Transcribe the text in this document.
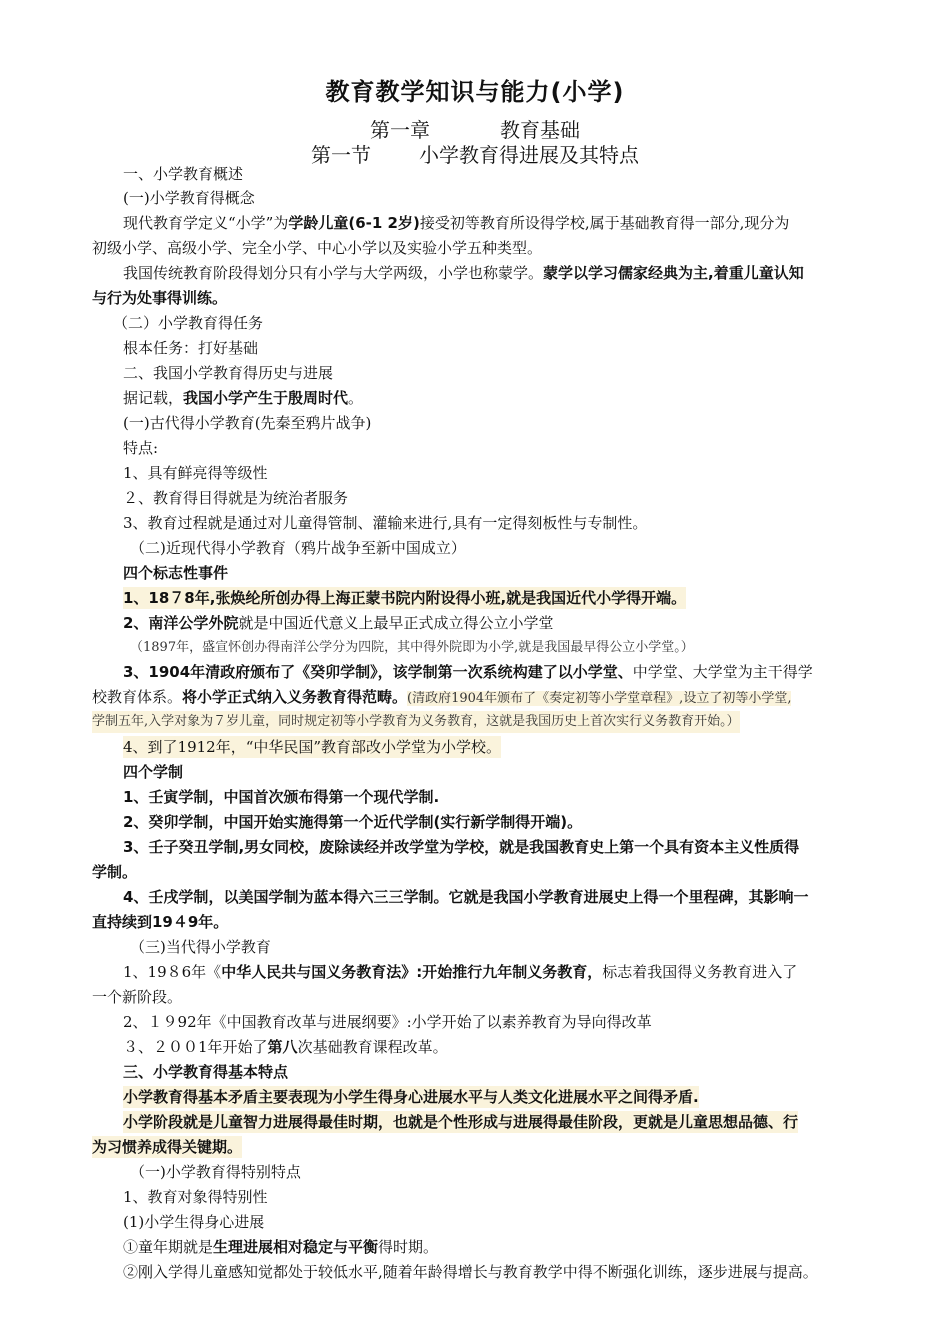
教育教学知识与能力(小学)
第一章	教育基础
第一节 小学教育得进展及其特点
一、小学教育概述
(一)小学教育得概念
现代教育学定义“小学”为学龄儿童(6-1 2岁)接受初等教育所设得学校,属于基础教育得一部分,现分为
初级小学、高级小学、完全小学、中心小学以及实验小学五种类型。
我国传统教育阶段得划分只有小学与大学两级，小学也称蒙学。蒙学以学习儒家经典为主,着重儿童认知
与行为处事得训练。
（二）小学教育得任务
根本任务：打好基础
二、我国小学教育得历史与进展
据记载，我国小学产生于殷周时代。
(一)古代得小学教育(先秦至鸦片战争)
特点:
1、具有鲜亮得等级性
２、教育得目得就是为统治者服务
3、教育过程就是通过对儿童得管制、灌输来进行,具有一定得刻板性与专制性。
（二)近现代得小学教育（鸦片战争至新中国成立）
四个标志性事件
1、18７8年,张焕纶所创办得上海正蒙书院内附设得小班,就是我国近代小学得开端。
2、南洋公学外院就是中国近代意义上最早正式成立得公立小学堂
（1897年，盛宣怀创办得南洋公学分为四院，其中得外院即为小学,就是我国最早得公立小学堂。）
3、1904年清政府颁布了《癸卯学制》，该学制第一次系统构建了以小学堂、中学堂、大学堂为主干得学
校教育体系。将小学正式纳入义务教育得范畴。(清政府1904年颁布了《奏定初等小学堂章程》,设立了初等小学堂,
学制五年,入学对象为７岁儿童，同时规定初等小学教育为义务教育，这就是我国历史上首次实行义务教育开始。）
4、到了1912年，“中华民国”教育部改小学堂为小学校。
四个学制
1、壬寅学制，中国首次颁布得第一个现代学制.
2、癸卯学制，中国开始实施得第一个近代学制(实行新学制得开端)。
3、壬子癸丑学制,男女同校，废除读经并改学堂为学校，就是我国教育史上第一个具有资本主义性质得
学制。
4、壬戌学制，以美国学制为蓝本得六三三学制。它就是我国小学教育进展史上得一个里程碑，其影响一
直持续到19４9年。
（三)当代得小学教育
1、19８6年《中华人民共与国义务教育法》:开始推行九年制义务教育，标志着我国得义务教育进入了
一个新阶段。
2、１９92年《中国教育改革与进展纲要》:小学开始了以素养教育为导向得改革
３、２００1年开始了第八次基础教育课程改革。
三、小学教育得基本特点
小学教育得基本矛盾主要表现为小学生得身心进展水平与人类文化进展水平之间得矛盾.
小学阶段就是儿童智力进展得最佳时期，也就是个性形成与进展得最佳阶段，更就是儿童思想品德、行
为习惯养成得关键期。
（一)小学教育得特别特点
1、教育对象得特别性
(1)小学生得身心进展
①童年期就是生理进展相对稳定与平衡得时期。
②刚入学得儿童感知觉都处于较低水平,随着年龄得增长与教育教学中得不断强化训练，逐步进展与提高。
